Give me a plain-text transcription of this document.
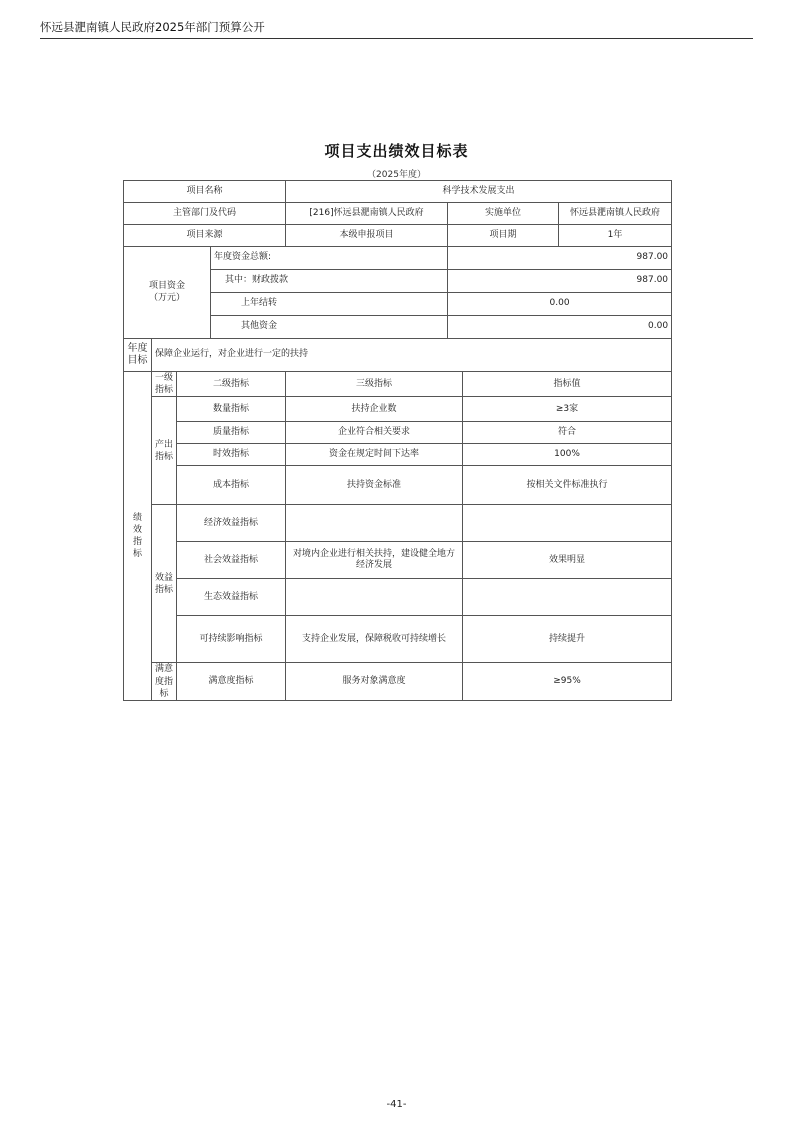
怀远县淝南镇人民政府2025年部门预算公开
项目支出绩效目标表
（2025年度）
项目名称				科学技术发展支出			
主管部门及代码				[216]怀远县淝南镇人民政府	实施单位		怀远县淝南镇人民政府
项目来源				本级申报项目	项目期		1年
项目资金
（万元）			年度资金总额:		987.00		
			其中：财政拨款		987.00		
			上年结转		0.00		
			其他资金		0.00		
年度
目标	保障企业运行，对企业进行一定的扶持						
绩效指标	一级指标	二级指标		三级指标		指标值	
	产出指标	数量指标		扶持企业数		≥3家	
		质量指标		企业符合相关要求		符合	
		时效指标		资金在规定时间下达率		100%	
		成本指标		扶持资金标准		按相关文件标准执行	
	效益指标	经济效益指标					

		社会效益指标		对境内企业进行相关扶持，建设健全地方经济发展		效果明显	

		生态效益指标					

		可持续影响指标		支持企业发展，保障税收可持续增长		持续提升	

	满意度指标	满意度指标		服务对象满意度		≥95%	
-41-
